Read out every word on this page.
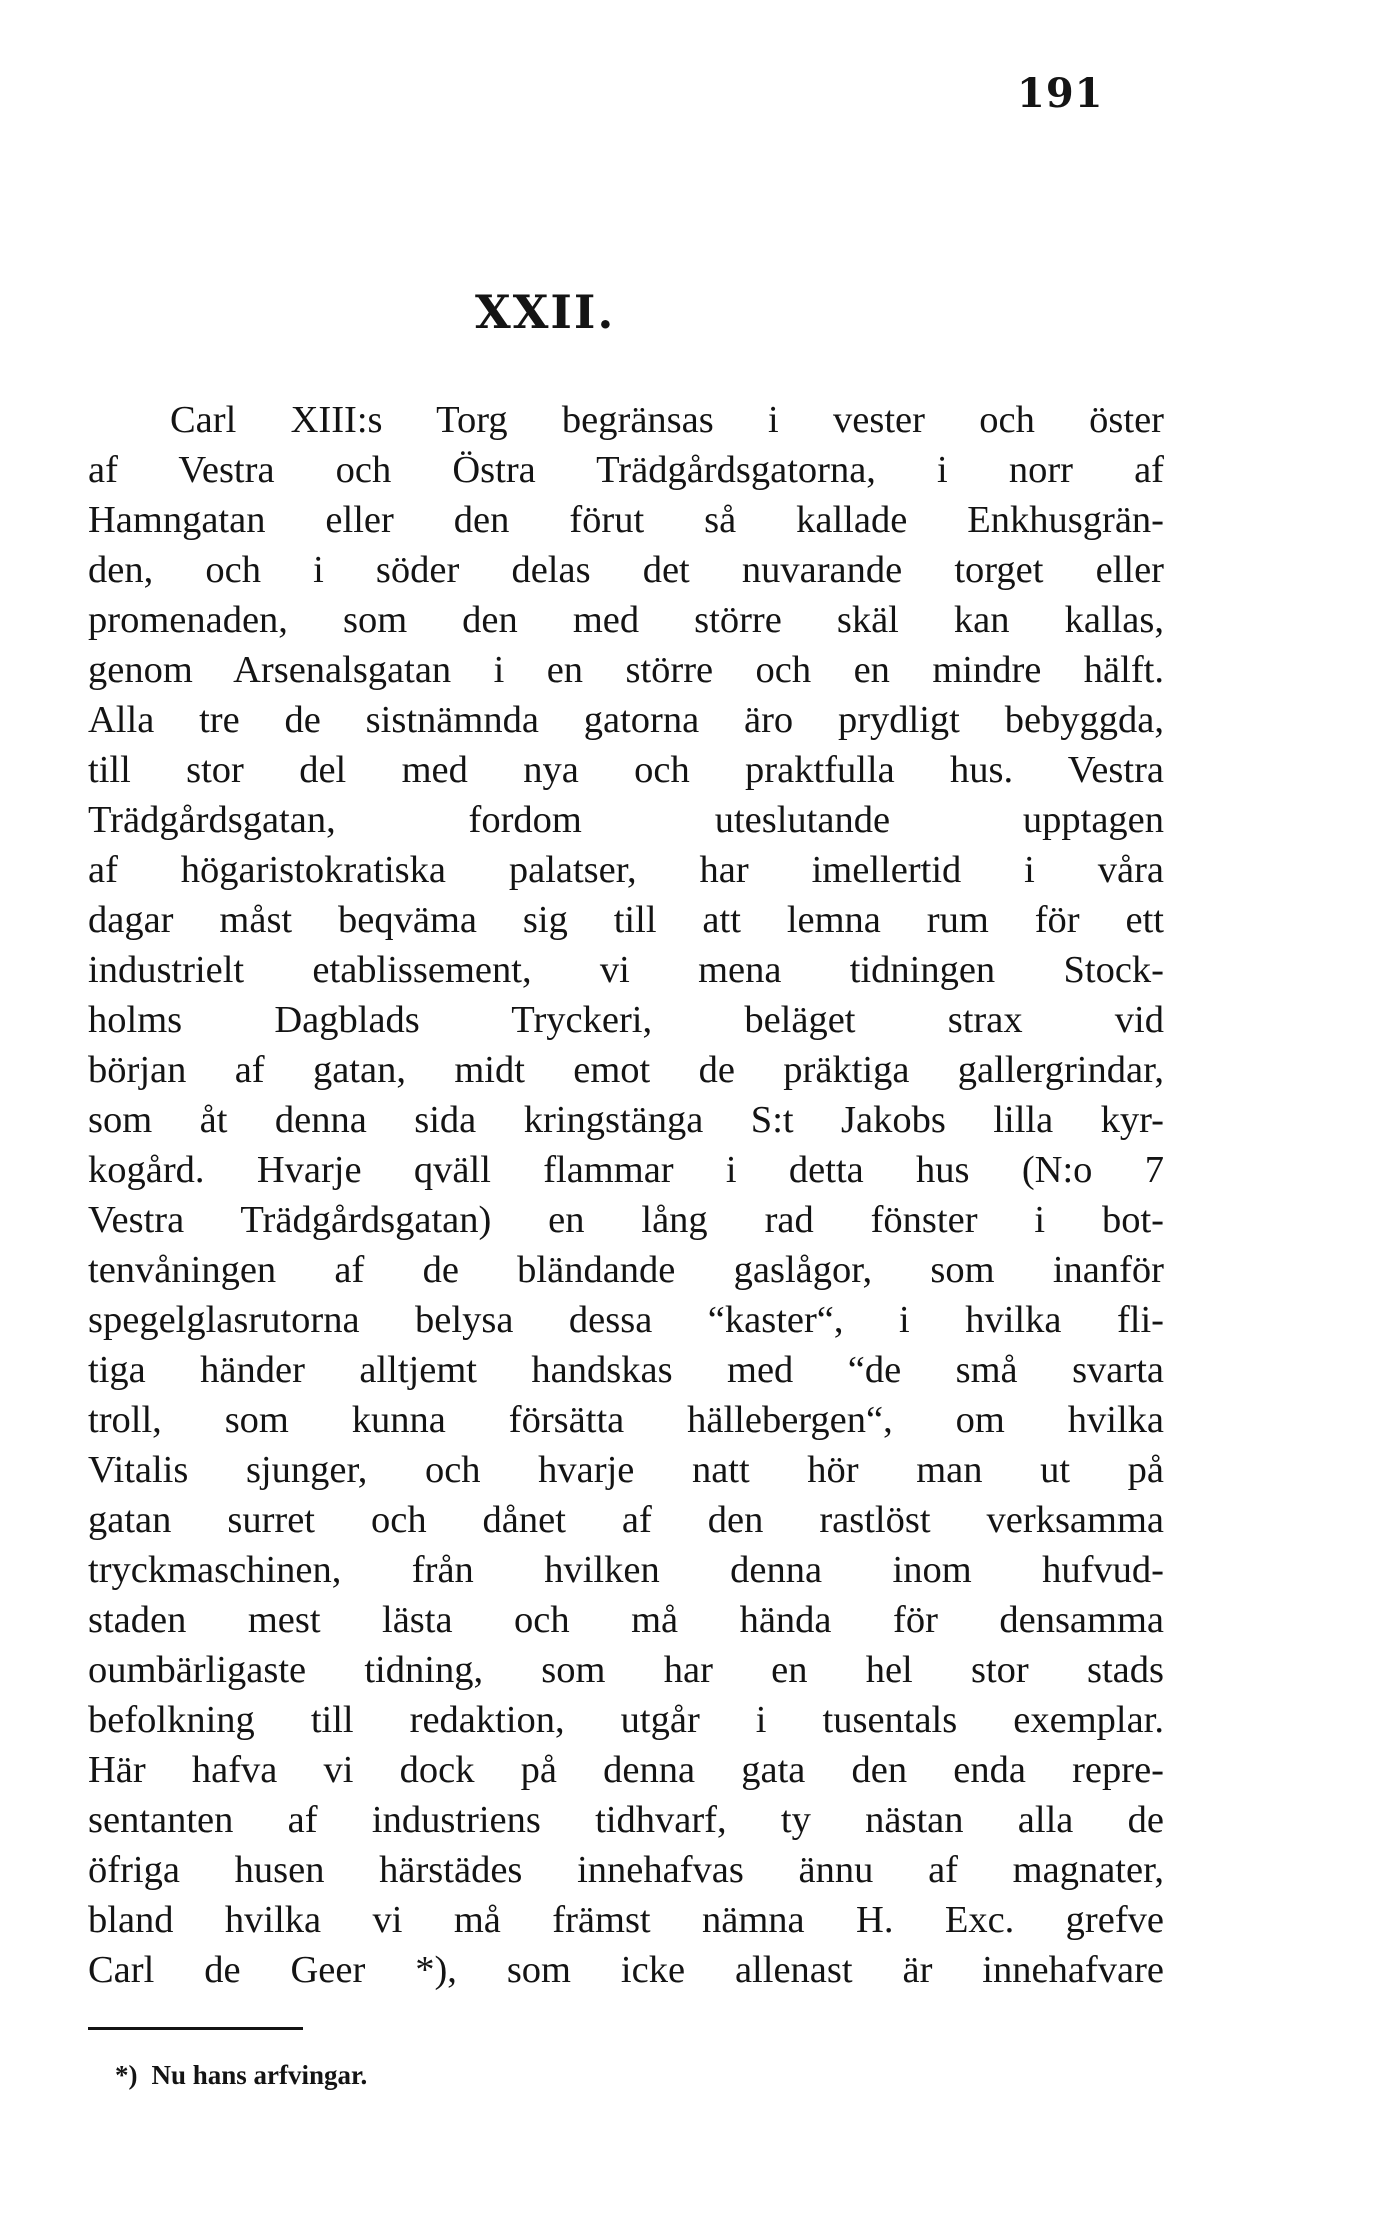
191
XXII.
Carl XIII:s Torg begränsas i vester och öster
af Vestra och Östra Trädgårdsgatorna, i norr af
Hamngatan eller den förut så kallade Enkhusgrän-
den, och i söder delas det nuvarande torget eller
promenaden, som den med större skäl kan kallas,
genom Arsenalsgatan i en större och en mindre hälft.
Alla tre de sistnämnda gatorna äro prydligt bebyggda,
till stor del med nya och praktfulla hus. Vestra
Trädgårdsgatan, fordom uteslutande upptagen
af högaristokratiska palatser, har imellertid i våra
dagar måst beqväma sig till att lemna rum för ett
industrielt etablissement, vi mena tidningen Stock-
holms Dagblads Tryckeri, beläget strax vid
början af gatan, midt emot de präktiga gallergrindar,
som åt denna sida kringstänga S:t Jakobs lilla kyr-
kogård. Hvarje qväll flammar i detta hus (N:o 7
Vestra Trädgårdsgatan) en lång rad fönster i bot-
tenvåningen af de bländande gaslågor, som inanför
spegelglasrutorna belysa dessa “kaster“, i hvilka fli-
tiga händer alltjemt handskas med “de små svarta
troll, som kunna försätta hällebergen“, om hvilka
Vitalis sjunger, och hvarje natt hör man ut på
gatan surret och dånet af den rastlöst verksamma
tryckmaschinen, från hvilken denna inom hufvud-
staden mest lästa och må hända för densamma
oumbärligaste tidning, som har en hel stor stads
befolkning till redaktion, utgår i tusentals exemplar.
Här hafva vi dock på denna gata den enda repre-
sentanten af industriens tidhvarf, ty nästan alla de
öfriga husen härstädes innehafvas ännu af magnater,
bland hvilka vi må främst nämna H. Exc. grefve
Carl de Geer *), som icke allenast är innehafvare
*) Nu hans arfvingar.
